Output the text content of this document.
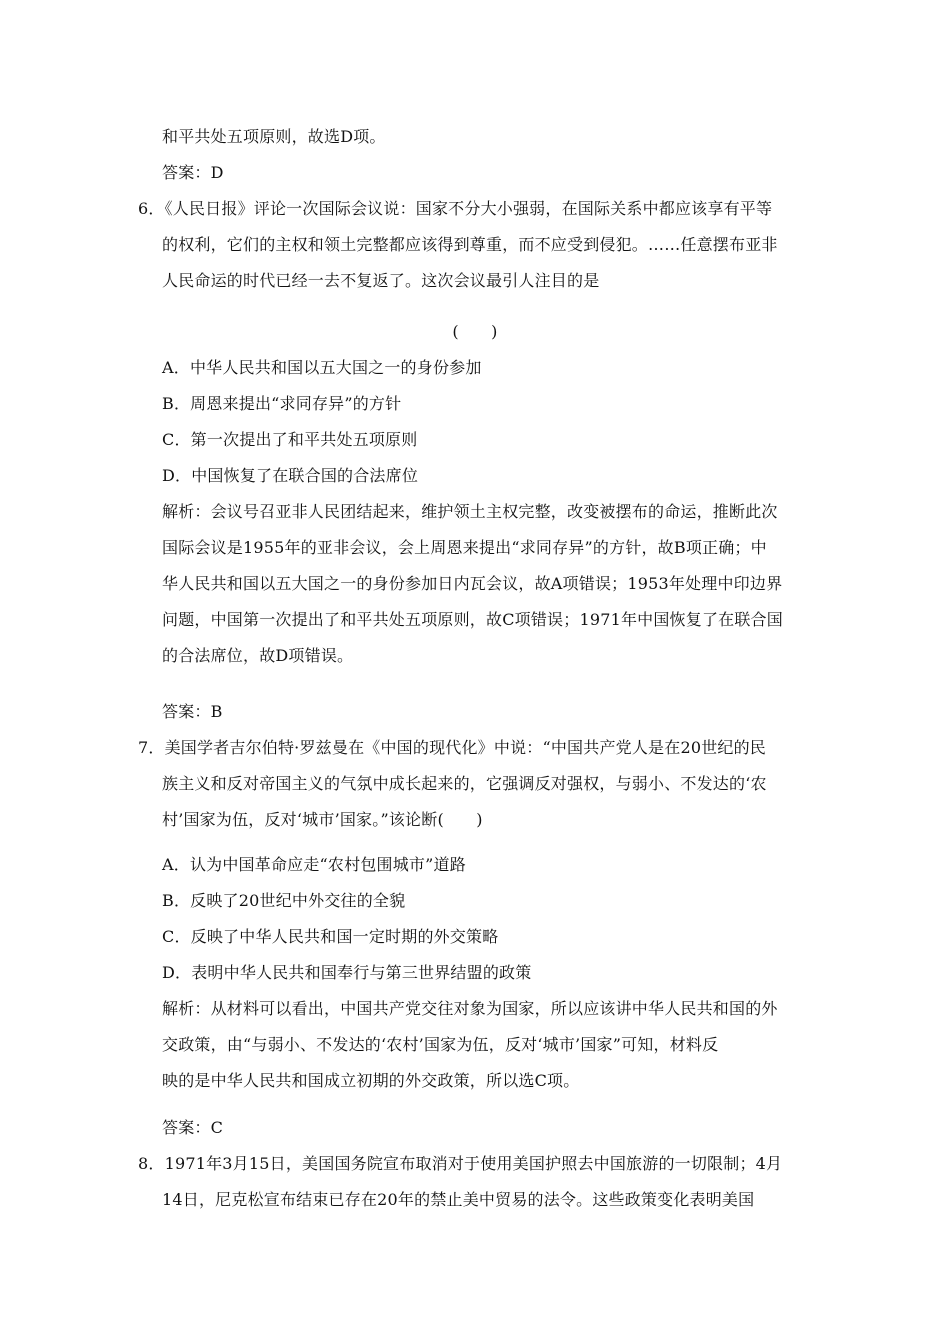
和平共处五项原则，故选D项。
答案：D
6．《人民日报》评论一次国际会议说：国家不分大小强弱，在国际关系中都应该享有平等
的权利，它们的主权和领土完整都应该得到尊重，而不应受到侵犯。……任意摆布亚非
人民命运的时代已经一去不复返了。这次会议最引人注目的是
(　　)
A．中华人民共和国以五大国之一的身份参加
B．周恩来提出“求同存异”的方针
C．第一次提出了和平共处五项原则
D．中国恢复了在联合国的合法席位
解析：会议号召亚非人民团结起来，维护领土主权完整，改变被摆布的命运，推断此次
国际会议是1955年的亚非会议，会上周恩来提出“求同存异”的方针，故B项正确；中
华人民共和国以五大国之一的身份参加日内瓦会议，故A项错误；1953年处理中印边界
问题，中国第一次提出了和平共处五项原则，故C项错误；1971年中国恢复了在联合国
的合法席位，故D项错误。
答案：B
7．美国学者吉尔伯特·罗兹曼在《中国的现代化》中说：“中国共产党人是在20世纪的民
族主义和反对帝国主义的气氛中成长起来的，它强调反对强权，与弱小、不发达的‘农
村’国家为伍，反对‘城市’国家。”该论断(　　)
A．认为中国革命应走“农村包围城市”道路
B．反映了20世纪中外交往的全貌
C．反映了中华人民共和国一定时期的外交策略
D．表明中华人民共和国奉行与第三世界结盟的政策
解析：从材料可以看出，中国共产党交往对象为国家，所以应该讲中华人民共和国的外
交政策，由“与弱小、不发达的‘农村’国家为伍，反对‘城市’国家”可知，材料反
映的是中华人民共和国成立初期的外交政策，所以选C项。
答案：C
8．1971年3月15日，美国国务院宣布取消对于使用美国护照去中国旅游的一切限制；4月
14日，尼克松宣布结束已存在20年的禁止美中贸易的法令。这些政策变化表明美国
